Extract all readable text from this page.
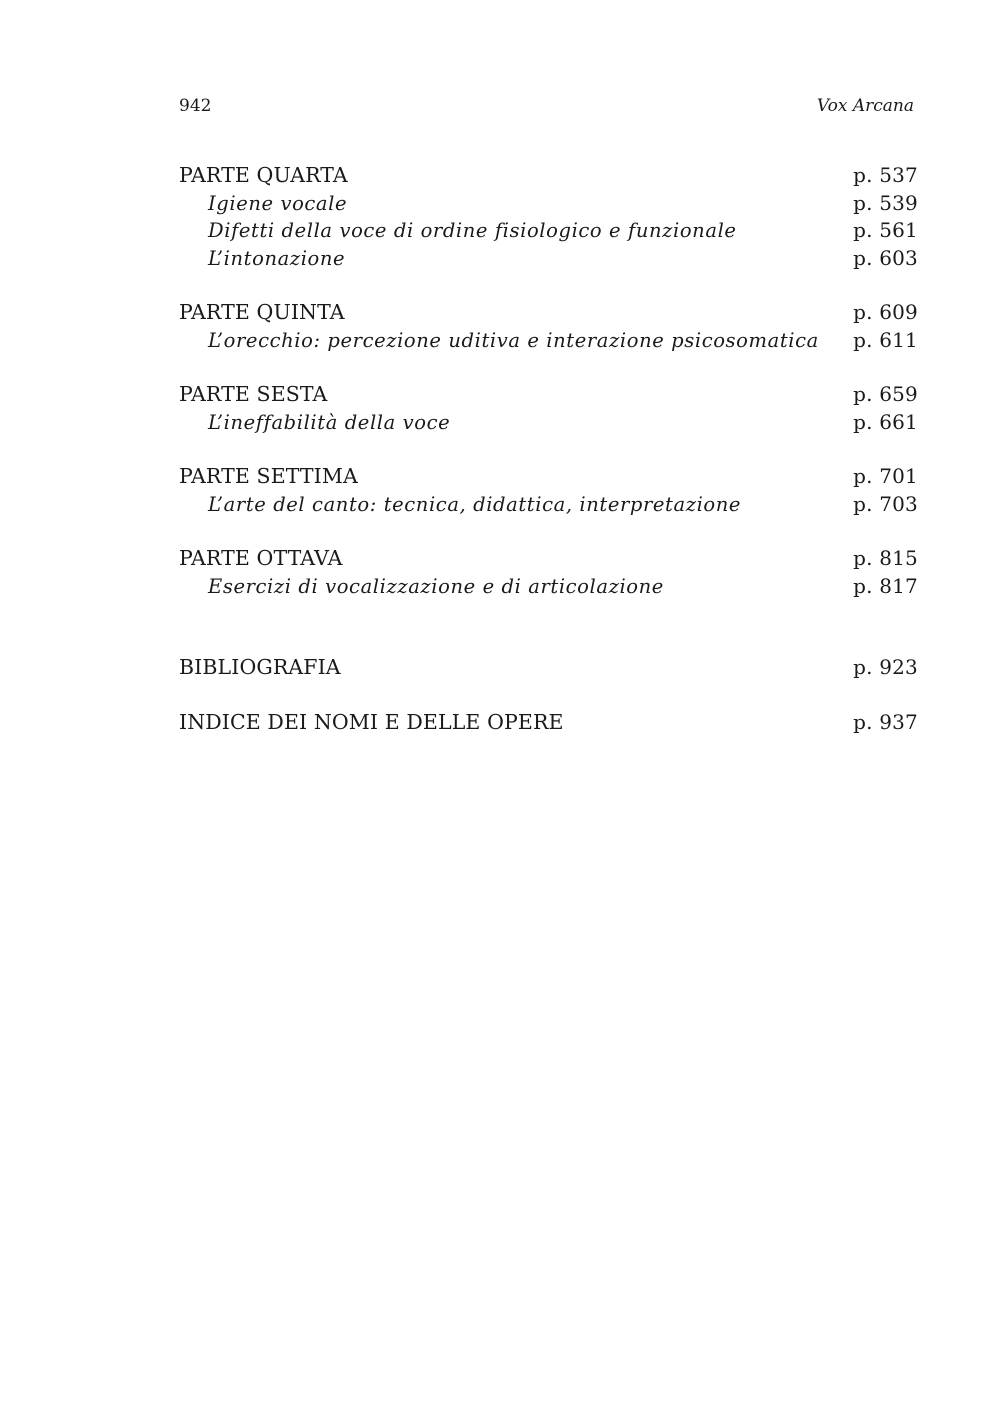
942	Vox Arcana
PARTE QUARTA	p. 537
Igiene vocale	p. 539
Difetti della voce di ordine fisiologico e funzionale	p. 561
L’intonazione	p. 603
PARTE QUINTA	p. 609
L’orecchio: percezione uditiva e interazione psicosomatica p. 611
PARTE SESTA	p. 659
L’ineffabilità della voce	p. 661
PARTE SETTIMA	p. 701
L’arte del canto: tecnica, didattica, interpretazione	p. 703
PARTE OTTAVA	p. 815
Esercizi di vocalizzazione e di articolazione	p. 817
BIBLIOGRAFIA	p. 923
INDICE DEI NOMI E DELLE OPERE	p. 937
